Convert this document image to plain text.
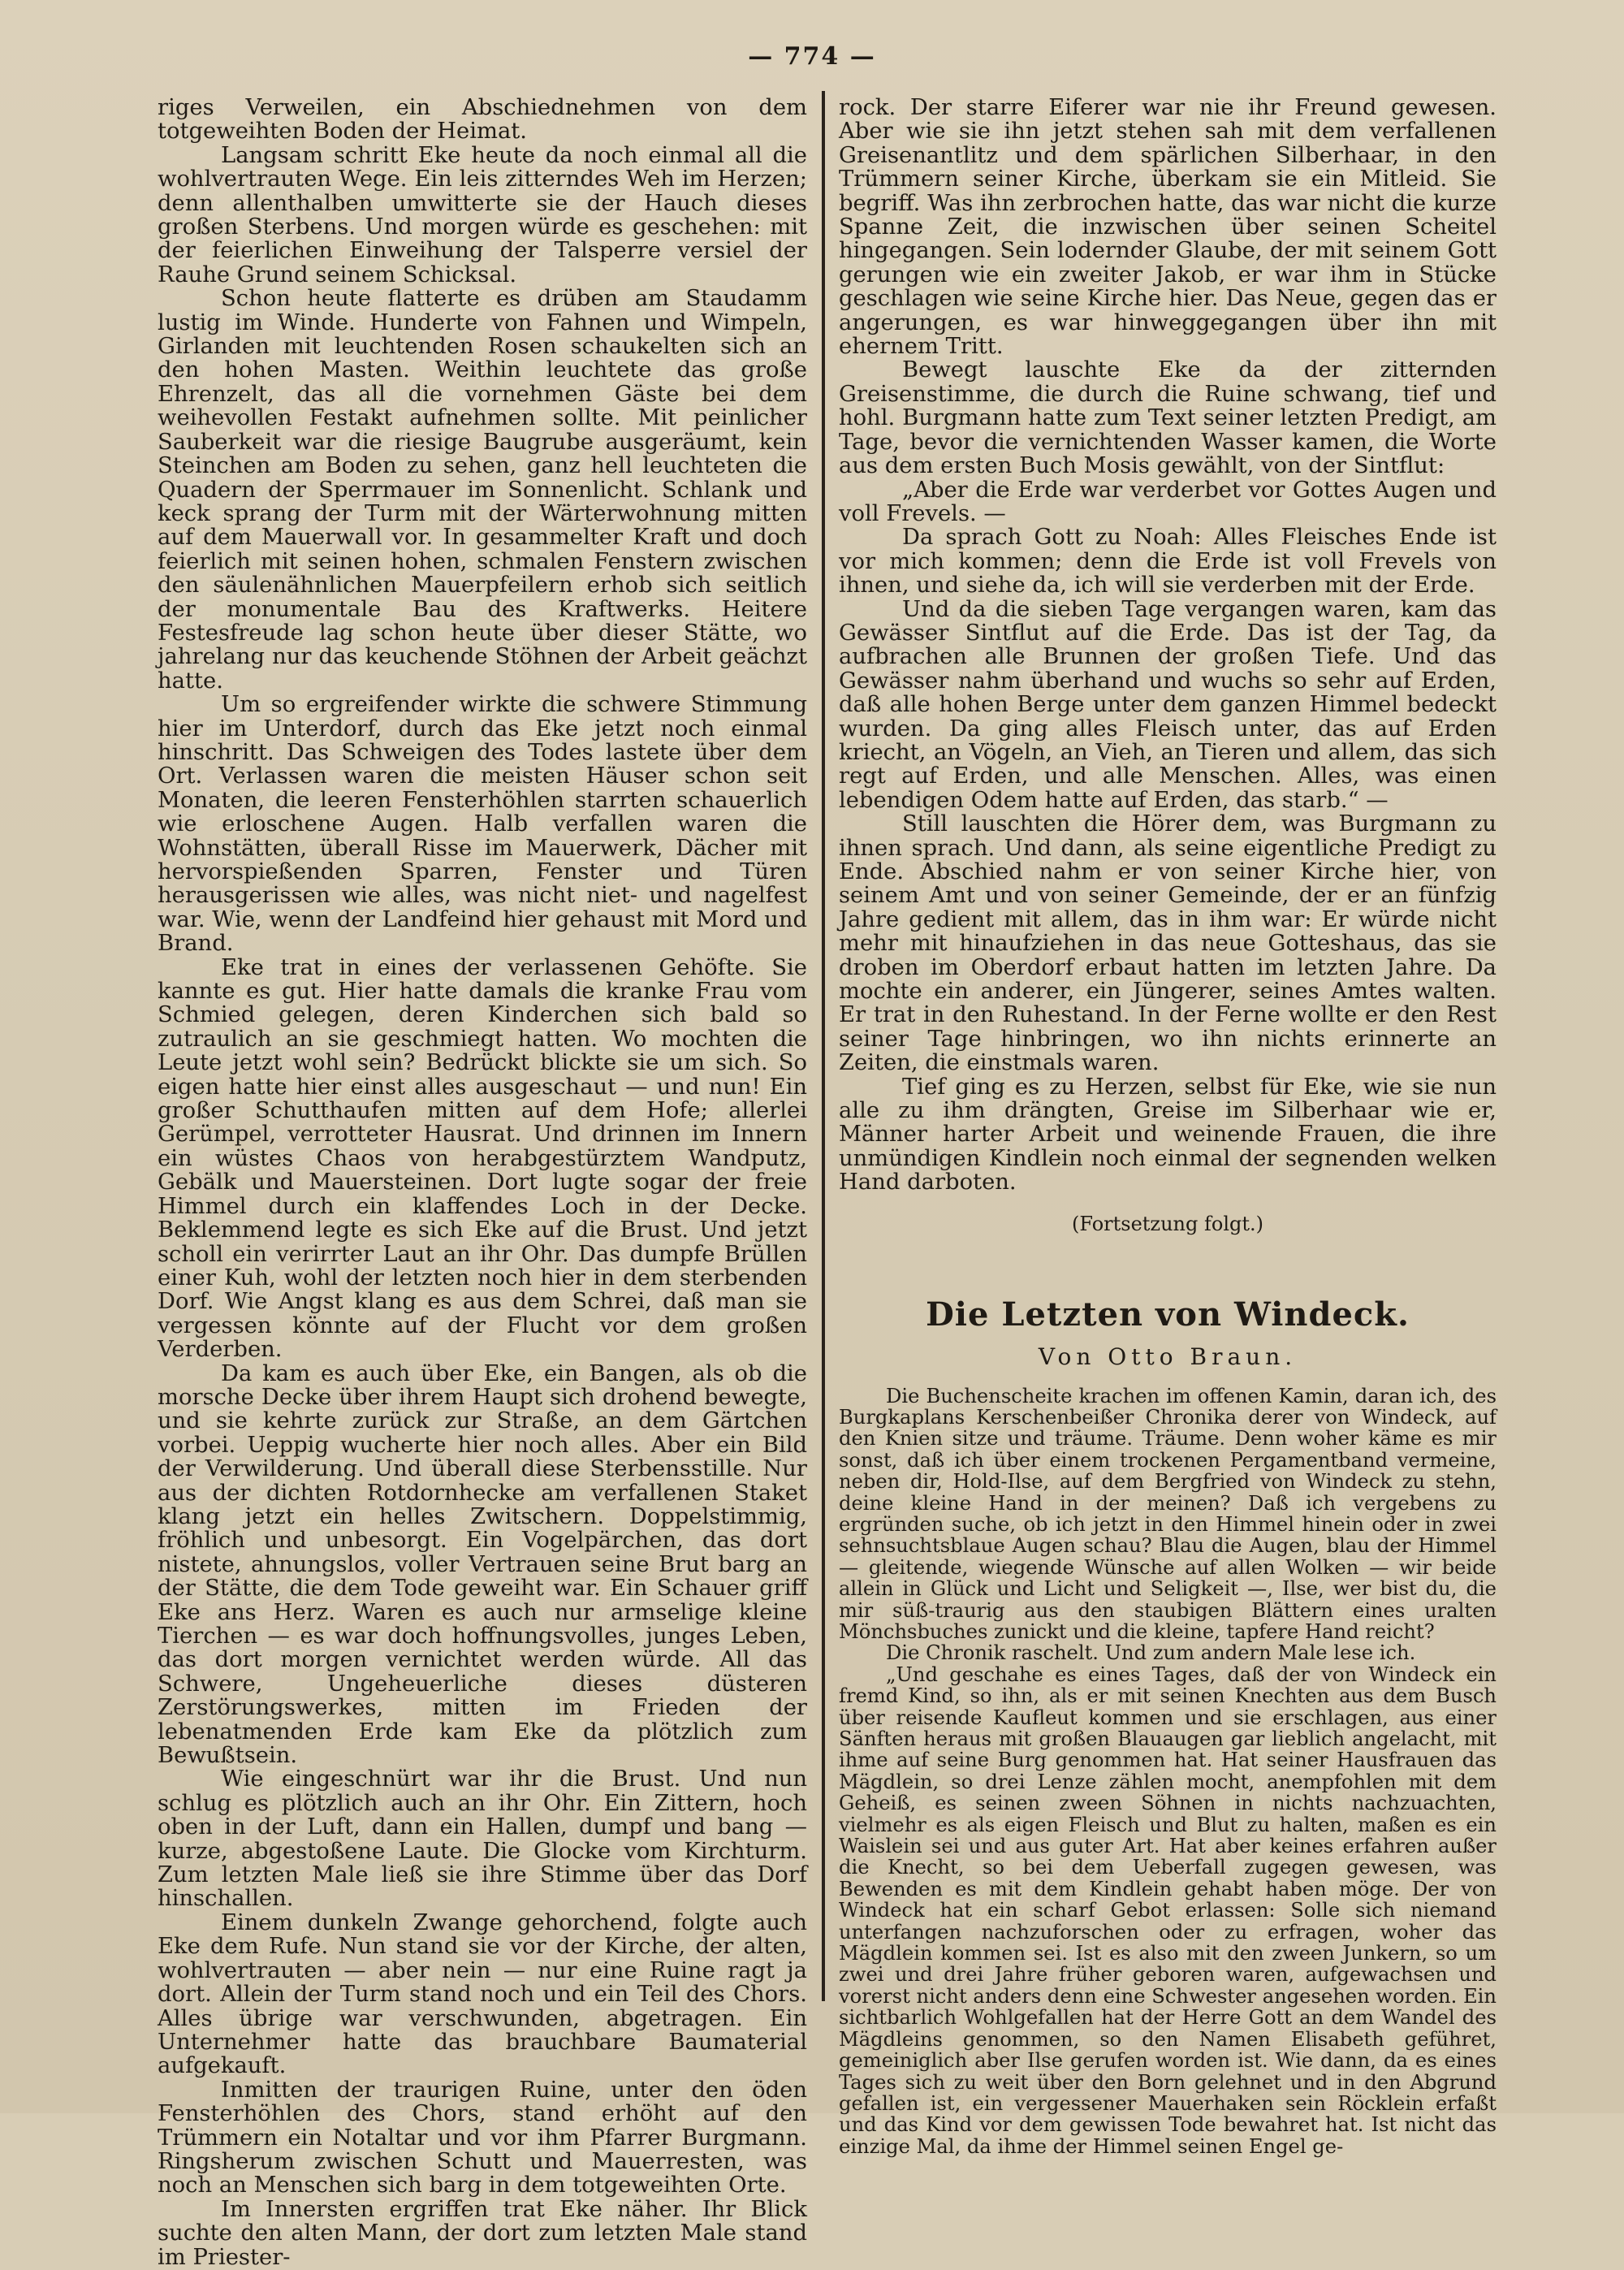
— 774 —

riges Verweilen, ein Abschiednehmen von dem totgeweihten Boden der Heimat.

Langsam schritt Eke heute da noch einmal all die wohlvertrauten Wege. Ein leis zitterndes Weh im Herzen; denn allenthalben umwitterte sie der Hauch dieses großen Sterbens. Und morgen würde es geschehen: mit der feierlichen Einweihung der Talsperre versiel der Rauhe Grund seinem Schicksal.

Schon heute flatterte es drüben am Staudamm lustig im Winde. Hunderte von Fahnen und Wimpeln, Girlanden mit leuchtenden Rosen schaukelten sich an den hohen Masten. Weithin leuchtete das große Ehrenzelt, das all die vornehmen Gäste bei dem weihevollen Festakt aufnehmen sollte. Mit peinlicher Sauberkeit war die riesige Baugrube ausgeräumt, kein Steinchen am Boden zu sehen, ganz hell leuchteten die Quadern der Sperrmauer im Sonnenlicht. Schlank und keck sprang der Turm mit der Wärterwohnung mitten auf dem Mauerwall vor. In gesammelter Kraft und doch feierlich mit seinen hohen, schmalen Fenstern zwischen den säulenähnlichen Mauerpfeilern erhob sich seitlich der monumentale Bau des Kraftwerks. Heitere Festesfreude lag schon heute über dieser Stätte, wo jahrelang nur das keuchende Stöhnen der Arbeit geächzt hatte.

Um so ergreifender wirkte die schwere Stimmung hier im Unterdorf, durch das Eke jetzt noch einmal hinschritt. Das Schweigen des Todes lastete über dem Ort. Verlassen waren die meisten Häuser schon seit Monaten, die leeren Fensterhöhlen starrten schauerlich wie erloschene Augen. Halb verfallen waren die Wohnstätten, überall Risse im Mauerwerk, Dächer mit hervorspießenden Sparren, Fenster und Türen herausgerissen wie alles, was nicht niet- und nagelfest war. Wie, wenn der Landfeind hier gehaust mit Mord und Brand.

Eke trat in eines der verlassenen Gehöfte. Sie kannte es gut. Hier hatte damals die kranke Frau vom Schmied gelegen, deren Kinderchen sich bald so zutraulich an sie geschmiegt hatten. Wo mochten die Leute jetzt wohl sein? Bedrückt blickte sie um sich. So eigen hatte hier einst alles ausgeschaut — und nun! Ein großer Schutthaufen mitten auf dem Hofe; allerlei Gerümpel, verrotteter Hausrat. Und drinnen im Innern ein wüstes Chaos von herabgestürztem Wandputz, Gebälk und Mauersteinen. Dort lugte sogar der freie Himmel durch ein klaffendes Loch in der Decke. Beklemmend legte es sich Eke auf die Brust. Und jetzt scholl ein verirrter Laut an ihr Ohr. Das dumpfe Brüllen einer Kuh, wohl der letzten noch hier in dem sterbenden Dorf. Wie Angst klang es aus dem Schrei, daß man sie vergessen könnte auf der Flucht vor dem großen Verderben.

Da kam es auch über Eke, ein Bangen, als ob die morsche Decke über ihrem Haupt sich drohend bewegte, und sie kehrte zurück zur Straße, an dem Gärtchen vorbei. Ueppig wucherte hier noch alles. Aber ein Bild der Verwilderung. Und überall diese Sterbensstille. Nur aus der dichten Rotdornhecke am verfallenen Staket klang jetzt ein helles Zwitschern. Doppelstimmig, fröhlich und unbesorgt. Ein Vogelpärchen, das dort nistete, ahnungslos, voller Vertrauen seine Brut barg an der Stätte, die dem Tode geweiht war. Ein Schauer griff Eke ans Herz. Waren es auch nur armselige kleine Tierchen — es war doch hoffnungsvolles, junges Leben, das dort morgen vernichtet werden würde. All das Schwere, Ungeheuerliche dieses düsteren Zerstörungswerkes, mitten im Frieden der lebenatmenden Erde kam Eke da plötzlich zum Bewußtsein.

Wie eingeschnürt war ihr die Brust. Und nun schlug es plötzlich auch an ihr Ohr. Ein Zittern, hoch oben in der Luft, dann ein Hallen, dumpf und bang — kurze, abgestoßene Laute. Die Glocke vom Kirchturm. Zum letzten Male ließ sie ihre Stimme über das Dorf hinschallen.

Einem dunkeln Zwange gehorchend, folgte auch Eke dem Rufe. Nun stand sie vor der Kirche, der alten, wohlvertrauten — aber nein — nur eine Ruine ragt ja dort. Allein der Turm stand noch und ein Teil des Chors. Alles übrige war verschwunden, abgetragen. Ein Unternehmer hatte das brauchbare Baumaterial aufgekauft.

Inmitten der traurigen Ruine, unter den öden Fensterhöhlen des Chors, stand erhöht auf den Trümmern ein Notaltar und vor ihm Pfarrer Burgmann. Ringsherum zwischen Schutt und Mauerresten, was noch an Menschen sich barg in dem totgeweihten Orte.

Im Innersten ergriffen trat Eke näher. Ihr Blick suchte den alten Mann, der dort zum letzten Male stand im Priester-

rock. Der starre Eiferer war nie ihr Freund gewesen. Aber wie sie ihn jetzt stehen sah mit dem verfallenen Greisenantlitz und dem spärlichen Silberhaar, in den Trümmern seiner Kirche, überkam sie ein Mitleid. Sie begriff. Was ihn zerbrochen hatte, das war nicht die kurze Spanne Zeit, die inzwischen über seinen Scheitel hingegangen. Sein lodernder Glaube, der mit seinem Gott gerungen wie ein zweiter Jakob, er war ihm in Stücke geschlagen wie seine Kirche hier. Das Neue, gegen das er angerungen, es war hinweggegangen über ihn mit ehernem Tritt.

Bewegt lauschte Eke da der zitternden Greisenstimme, die durch die Ruine schwang, tief und hohl. Burgmann hatte zum Text seiner letzten Predigt, am Tage, bevor die vernichtenden Wasser kamen, die Worte aus dem ersten Buch Mosis gewählt, von der Sintflut:

„Aber die Erde war verderbet vor Gottes Augen und voll Frevels. —

Da sprach Gott zu Noah: Alles Fleisches Ende ist vor mich kommen; denn die Erde ist voll Frevels von ihnen, und siehe da, ich will sie verderben mit der Erde.

Und da die sieben Tage vergangen waren, kam das Gewässer Sintflut auf die Erde. Das ist der Tag, da aufbrachen alle Brunnen der großen Tiefe. Und das Gewässer nahm überhand und wuchs so sehr auf Erden, daß alle hohen Berge unter dem ganzen Himmel bedeckt wurden. Da ging alles Fleisch unter, das auf Erden kriecht, an Vögeln, an Vieh, an Tieren und allem, das sich regt auf Erden, und alle Menschen. Alles, was einen lebendigen Odem hatte auf Erden, das starb.“ —

Still lauschten die Hörer dem, was Burgmann zu ihnen sprach. Und dann, als seine eigentliche Predigt zu Ende. Abschied nahm er von seiner Kirche hier, von seinem Amt und von seiner Gemeinde, der er an fünfzig Jahre gedient mit allem, das in ihm war: Er würde nicht mehr mit hinaufziehen in das neue Gotteshaus, das sie droben im Oberdorf erbaut hatten im letzten Jahre. Da mochte ein anderer, ein Jüngerer, seines Amtes walten. Er trat in den Ruhestand. In der Ferne wollte er den Rest seiner Tage hinbringen, wo ihn nichts erinnerte an Zeiten, die einstmals waren.

Tief ging es zu Herzen, selbst für Eke, wie sie nun alle zu ihm drängten, Greise im Silberhaar wie er, Männer harter Arbeit und weinende Frauen, die ihre unmündigen Kindlein noch einmal der segnenden welken Hand darboten.

(Fortsetzung folgt.)

Die Letzten von Windeck.
Von Otto Braun.

Die Buchenscheite krachen im offenen Kamin, daran ich, des Burgkaplans Kerschenbeißer Chronika derer von Windeck, auf den Knien sitze und träume. Träume. Denn woher käme es mir sonst, daß ich über einem trockenen Pergamentband vermeine, neben dir, Hold-Ilse, auf dem Bergfried von Windeck zu stehn, deine kleine Hand in der meinen? Daß ich vergebens zu ergründen suche, ob ich jetzt in den Himmel hinein oder in zwei sehnsuchtsblaue Augen schau? Blau die Augen, blau der Himmel — gleitende, wiegende Wünsche auf allen Wolken — wir beide allein in Glück und Licht und Seligkeit —, Ilse, wer bist du, die mir süß-traurig aus den staubigen Blättern eines uralten Mönchsbuches zunickt und die kleine, tapfere Hand reicht?

Die Chronik raschelt. Und zum andern Male lese ich.

„Und geschahe es eines Tages, daß der von Windeck ein fremd Kind, so ihn, als er mit seinen Knechten aus dem Busch über reisende Kaufleut kommen und sie erschlagen, aus einer Sänften heraus mit großen Blauaugen gar lieblich angelacht, mit ihme auf seine Burg genommen hat. Hat seiner Hausfrauen das Mägdlein, so drei Lenze zählen mocht, anempfohlen mit dem Geheiß, es seinen zween Söhnen in nichts nachzuachten, vielmehr es als eigen Fleisch und Blut zu halten, maßen es ein Waislein sei und aus guter Art. Hat aber keines erfahren außer die Knecht, so bei dem Ueberfall zugegen gewesen, was Bewenden es mit dem Kindlein gehabt haben möge. Der von Windeck hat ein scharf Gebot erlassen: Solle sich niemand unterfangen nachzuforschen oder zu erfragen, woher das Mägdlein kommen sei. Ist es also mit den zween Junkern, so um zwei und drei Jahre früher geboren waren, aufgewachsen und vorerst nicht anders denn eine Schwester angesehen worden. Ein sichtbarlich Wohlgefallen hat der Herre Gott an dem Wandel des Mägdleins genommen, so den Namen Elisabeth geführet, gemeiniglich aber Ilse gerufen worden ist. Wie dann, da es eines Tages sich zu weit über den Born gelehnet und in den Abgrund gefallen ist, ein vergessener Mauerhaken sein Röcklein erfaßt und das Kind vor dem gewissen Tode bewahret hat. Ist nicht das einzige Mal, da ihme der Himmel seinen Engel ge-
